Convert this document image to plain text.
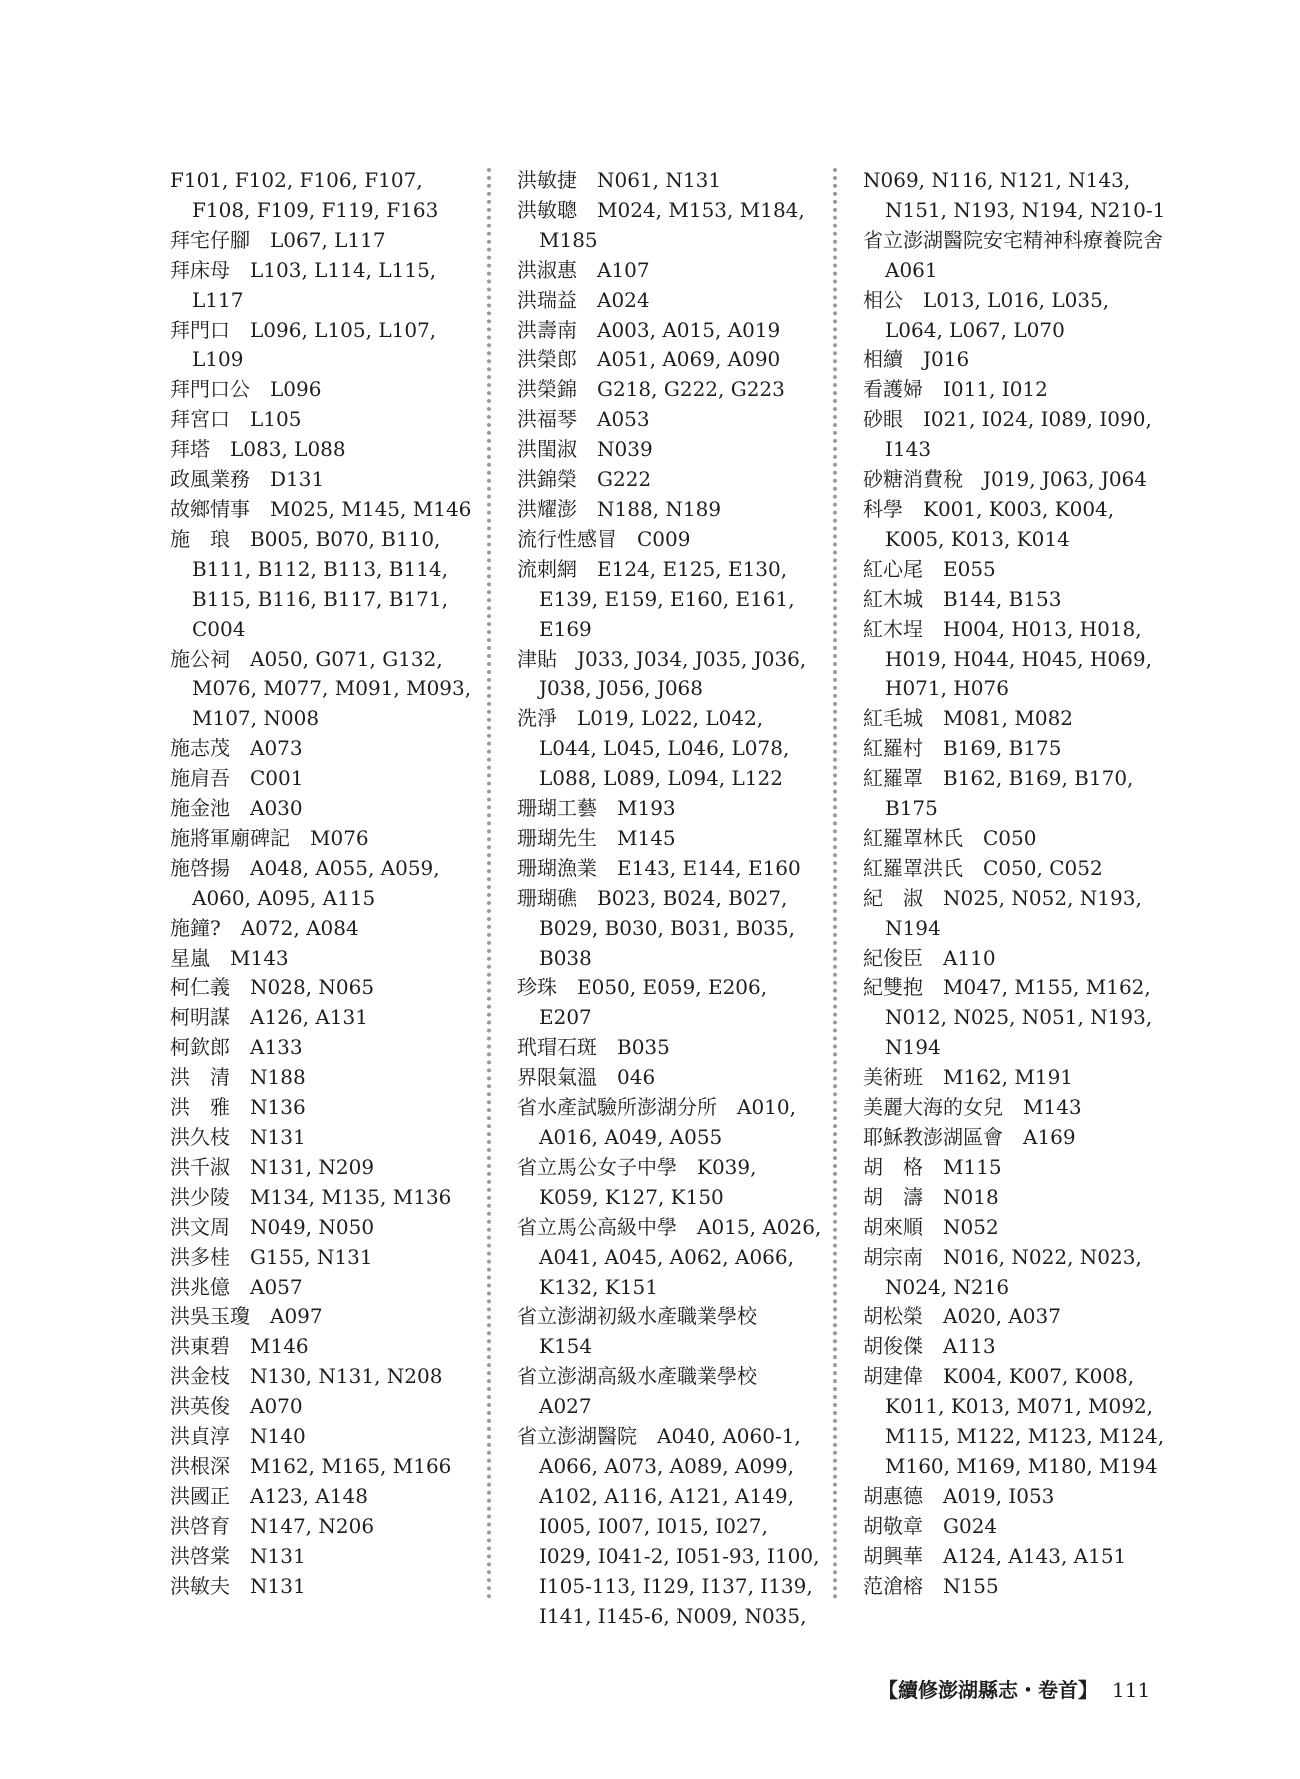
F101, F102, F106, F107, F108, F109, F119, F163
拜宅仔腳  L067, L117
拜床母  L103, L114, L115, L117
拜門口  L096, L105, L107, L109
拜門口公  L096
拜宮口  L105
拜塔  L083, L088
政風業務  D131
故鄉情事  M025, M145, M146
施　琅  B005, B070, B110, B111, B112, B113, B114, B115, B116, B117, B171, C004
施公祠  A050, G071, G132, M076, M077, M091, M093, M107, N008
施志茂  A073
施肩吾  C001
施金池  A030
施將軍廟碑記  M076
施啓揚  A048, A055, A059, A060, A095, A115
施鐘?  A072, A084
星嵐  M143
柯仁義  N028, N065
柯明謀  A126, A131
柯欽郎  A133
洪　清  N188
洪　雅  N136
洪久枝  N131
洪千淑  N131, N209
洪少陵  M134, M135, M136
洪文周  N049, N050
洪多桂  G155, N131
洪兆億  A057
洪吳玉瓊  A097
洪東碧  M146
洪金枝  N130, N131, N208
洪英俊  A070
洪貞淳  N140
洪根深  M162, M165, M166
洪國正  A123, A148
洪啓育  N147, N206
洪啓棠  N131
洪敏夫  N131
洪敏捷  N061, N131
洪敏聰  M024, M153, M184, M185
洪淑惠  A107
洪瑞益  A024
洪壽南  A003, A015, A019
洪榮郎  A051, A069, A090
洪榮錦  G218, G222, G223
洪福琴  A053
洪閨淑  N039
洪錦榮  G222
洪耀澎  N188, N189
流行性感冒  C009
流刺網  E124, E125, E130, E139, E159, E160, E161, E169
津貼  J033, J034, J035, J036, J038, J056, J068
洗淨  L019, L022, L042, L044, L045, L046, L078, L088, L089, L094, L122
珊瑚工藝  M193
珊瑚先生  M145
珊瑚漁業  E143, E144, E160
珊瑚礁  B023, B024, B027, B029, B030, B031, B035, B038
珍珠  E050, E059, E206, E207
玳瑁石斑  B035
界限氣溫  046
省水產試驗所澎湖分所  A010, A016, A049, A055
省立馬公女子中學  K039, K059, K127, K150
省立馬公高級中學  A015, A026, A041, A045, A062, A066, K132, K151
省立澎湖初級水產職業學校 K154
省立澎湖高級水產職業學校 A027
省立澎湖醫院  A040, A060-1, A066, A073, A089, A099, A102, A116, A121, A149, I005, I007, I015, I027, I029, I041-2, I051-93, I100, I105-113, I129, I137, I139, I141, I145-6, N009, N035,
N069, N116, N121, N143, N151, N193, N194, N210-1
省立澎湖醫院安宅精神科療養院舍 A061
相公  L013, L016, L035, L064, L067, L070
相續  J016
看護婦  I011, I012
砂眼  I021, I024, I089, I090, I143
砂糖消費稅  J019, J063, J064
科學  K001, K003, K004, K005, K013, K014
紅心尾  E055
紅木城  B144, B153
紅木埕  H004, H013, H018, H019, H044, H045, H069, H071, H076
紅毛城  M081, M082
紅羅村  B169, B175
紅羅罩  B162, B169, B170, B175
紅羅罩林氏  C050
紅羅罩洪氏  C050, C052
紀　淑  N025, N052, N193, N194
紀俊臣  A110
紀雙抱  M047, M155, M162, N012, N025, N051, N193, N194
美術班  M162, M191
美麗大海的女兒  M143
耶穌教澎湖區會  A169
胡　格  M115
胡　濤  N018
胡來順  N052
胡宗南  N016, N022, N023, N024, N216
胡松榮  A020, A037
胡俊傑  A113
胡建偉  K004, K007, K008, K011, K013, M071, M092, M115, M122, M123, M124, M160, M169, M180, M194
胡惠德  A019, I053
胡敬章  G024
胡興華  A124, A143, A151
范滄榕  N155
【續修澎湖縣志・卷首】 111
